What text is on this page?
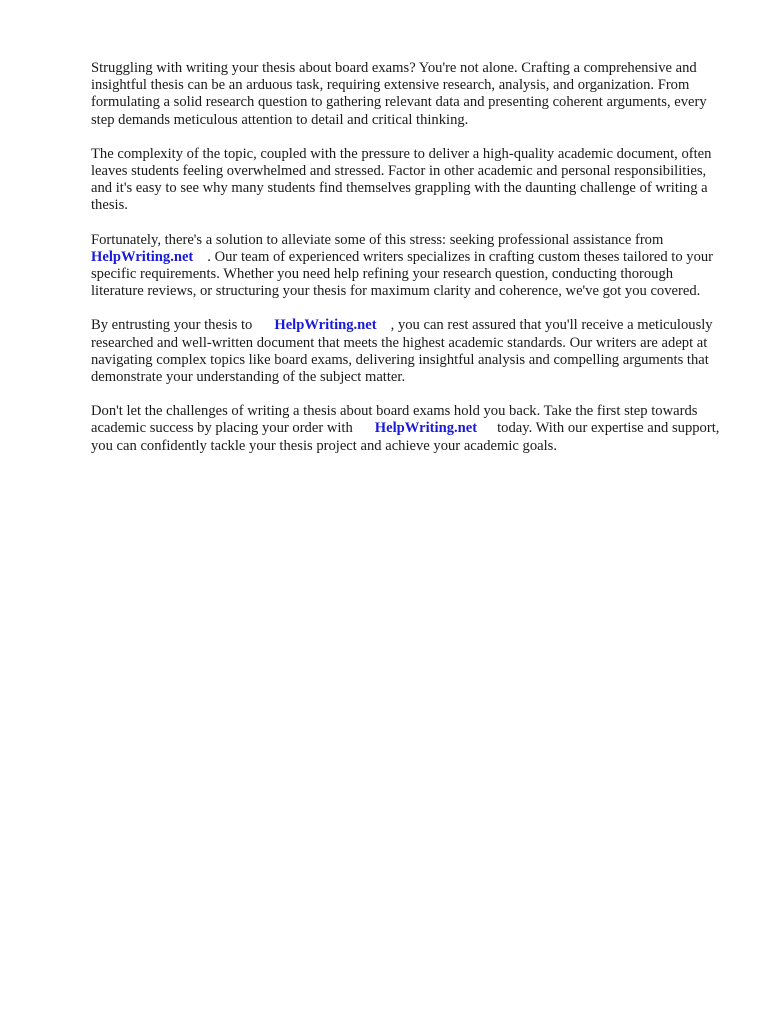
Struggling with writing your thesis about board exams? You're not alone. Crafting a comprehensive and insightful thesis can be an arduous task, requiring extensive research, analysis, and organization. From formulating a solid research question to gathering relevant data and presenting coherent arguments, every step demands meticulous attention to detail and critical thinking.

The complexity of the topic, coupled with the pressure to deliver a high-quality academic document, often leaves students feeling overwhelmed and stressed. Factor in other academic and personal responsibilities, and it's easy to see why many students find themselves grappling with the daunting challenge of writing a thesis.

Fortunately, there's a solution to alleviate some of this stress: seeking professional assistance from
HelpWriting.net . Our team of experienced writers specializes in crafting custom theses tailored to your specific requirements. Whether you need help refining your research question, conducting thorough literature reviews, or structuring your thesis for maximum clarity and coherence, we've got you covered.

By entrusting your thesis to HelpWriting.net , you can rest assured that you'll receive a meticulously researched and well-written document that meets the highest academic standards. Our writers are adept at navigating complex topics like board exams, delivering insightful analysis and compelling arguments that demonstrate your understanding of the subject matter.

Don't let the challenges of writing a thesis about board exams hold you back. Take the first step towards academic success by placing your order with HelpWriting.net today. With our expertise and support, you can confidently tackle your thesis project and achieve your academic goals.
